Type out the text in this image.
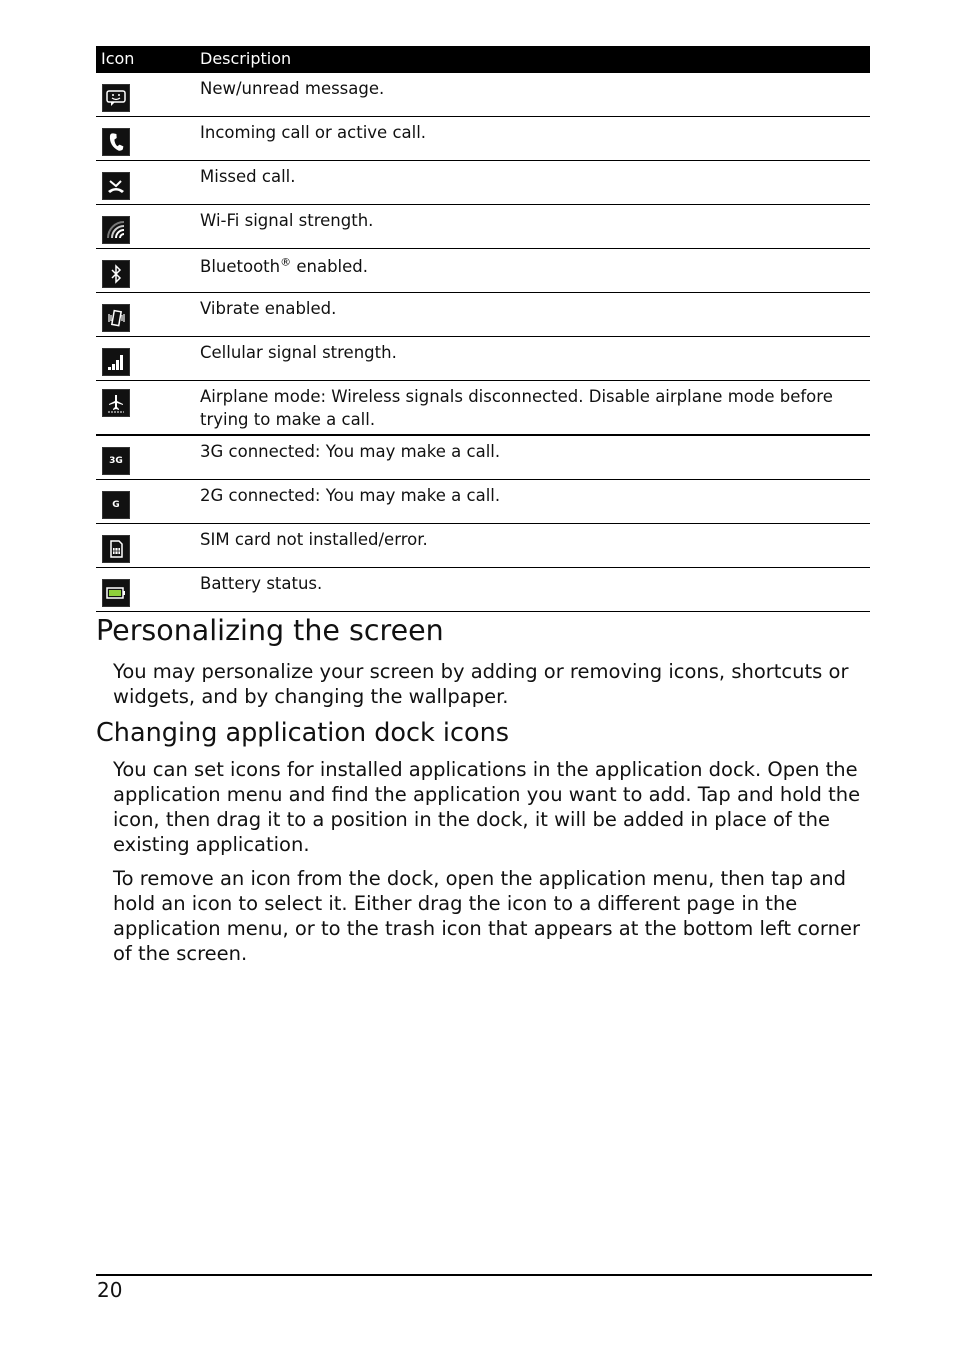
Icon	Description
New/unread message.
Incoming call or active call.
Missed call.
Wi-Fi signal strength.
Bluetooth® enabled.
Vibrate enabled.
Cellular signal strength.
Airplane mode: Wireless signals disconnected. Disable airplane mode before trying to make a call.
3G	3G connected: You may make a call.
G	2G connected: You may make a call.
SIM card not installed/error.
Battery status.
Personalizing the screen

You may personalize your screen by adding or removing icons, shortcuts or widgets, and by changing the wallpaper.

Changing application dock icons

You can set icons for installed applications in the application dock. Open the application menu and find the application you want to add. Tap and hold the icon, then drag it to a position in the dock, it will be added in place of the existing application.

To remove an icon from the dock, open the application menu, then tap and hold an icon to select it. Either drag the icon to a different page in the application menu, or to the trash icon that appears at the bottom left corner of the screen.

20
